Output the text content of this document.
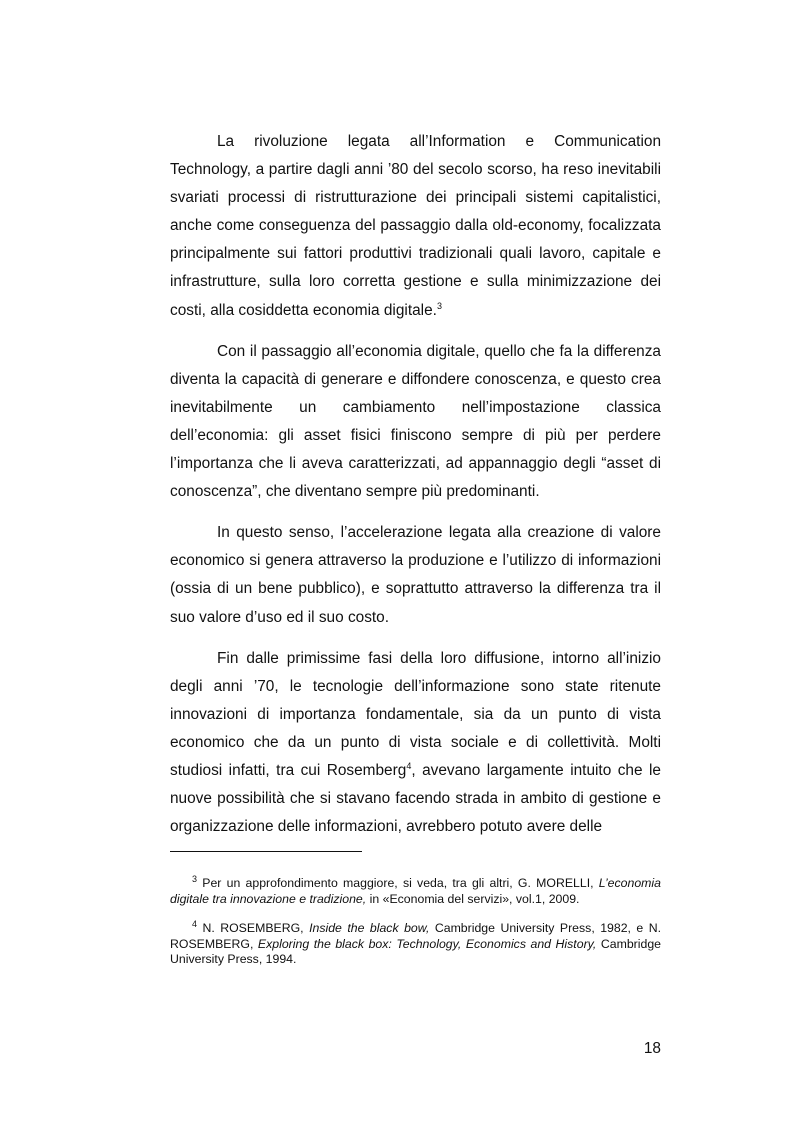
La rivoluzione legata all’Information e Communication Technology, a partire dagli anni ’80 del secolo scorso, ha reso inevitabili svariati processi di ristrutturazione dei principali sistemi capitalistici, anche come conseguenza del passaggio dalla old-economy, focalizzata principalmente sui fattori produttivi tradizionali quali lavoro, capitale e infrastrutture, sulla loro corretta gestione e sulla minimizzazione dei costi, alla cosiddetta economia digitale.$^3$

Con il passaggio all’economia digitale, quello che fa la differenza diventa la capacità di generare e diffondere conoscenza, e questo crea inevitabilmente un cambiamento nell’impostazione classica dell’economia: gli asset fisici finiscono sempre di più per perdere l’importanza che li aveva caratterizzati, ad appannaggio degli “asset di conoscenza”, che diventano sempre più predominanti.

In questo senso, l’accelerazione legata alla creazione di valore economico si genera attraverso la produzione e l’utilizzo di informazioni (ossia di un bene pubblico), e soprattutto attraverso la differenza tra il suo valore d’uso ed il suo costo.

Fin dalle primissime fasi della loro diffusione, intorno all’inizio degli anni ’70, le tecnologie dell’informazione sono state ritenute innovazioni di importanza fondamentale, sia da un punto di vista economico che da un punto di vista sociale e di collettività. Molti studiosi infatti, tra cui Rosemberg$^4$, avevano largamente intuito che le nuove possibilità che si stavano facendo strada in ambito di gestione e organizzazione delle informazioni, avrebbero potuto avere delle

$^3$ Per un approfondimento maggiore, si veda, tra gli altri, G. MORELLI, L’economia digitale tra innovazione e tradizione, in «Economia del servizi», vol.1, 2009.

$^4$ N. ROSEMBERG, Inside the black bow, Cambridge University Press, 1982, e N. ROSEMBERG, Exploring the black box: Technology, Economics and History, Cambridge University Press, 1994.

18
